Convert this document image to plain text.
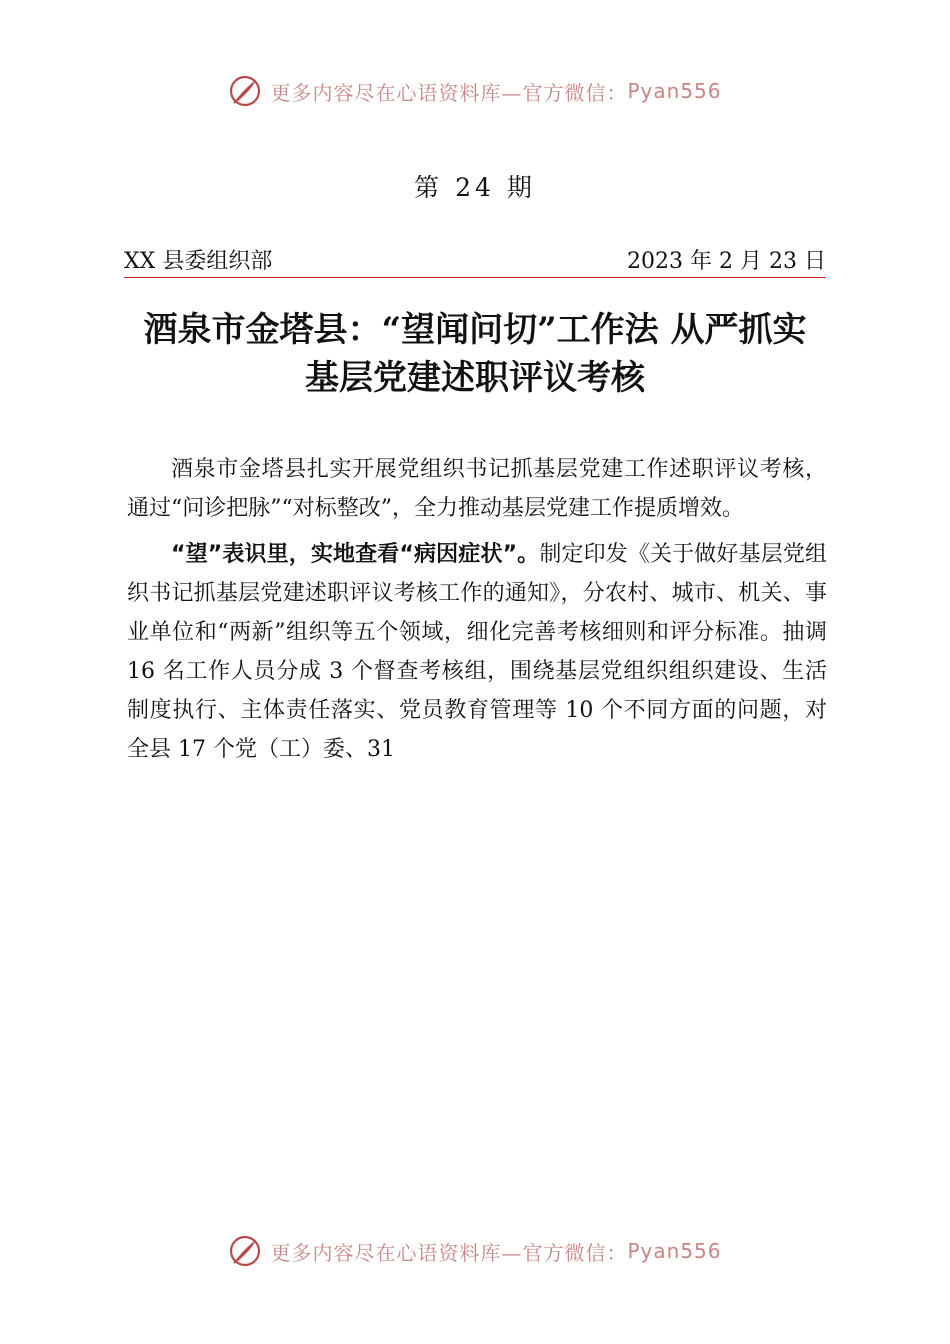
更多内容尽在心语资料库—官方微信： Pyan556
第 24 期
XX 县委组织部	2023 年 2 月 23 日
酒泉市金塔县：“望闻问切”工作法 从严抓实
基层党建述职评议考核

酒泉市金塔县扎实开展党组织书记抓基层党建工作述职评议考核，通过“问诊把脉”“对标整改”，全力推动基层党建工作提质增效。

“望”表识里，实地查看“病因症状”。制定印发《关于做好基层党组织书记抓基层党建述职评议考核工作的通知》，分农村、城市、机关、事业单位和“两新”组织等五个领域，细化完善考核细则和评分标准。抽调 16 名工作人员分成 3 个督查考核组，围绕基层党组织组织建设、生活制度执行、主体责任落实、党员教育管理等 10 个不同方面的问题，对全县 17 个党（工）委、31

更多内容尽在心语资料库—官方微信： Pyan556
